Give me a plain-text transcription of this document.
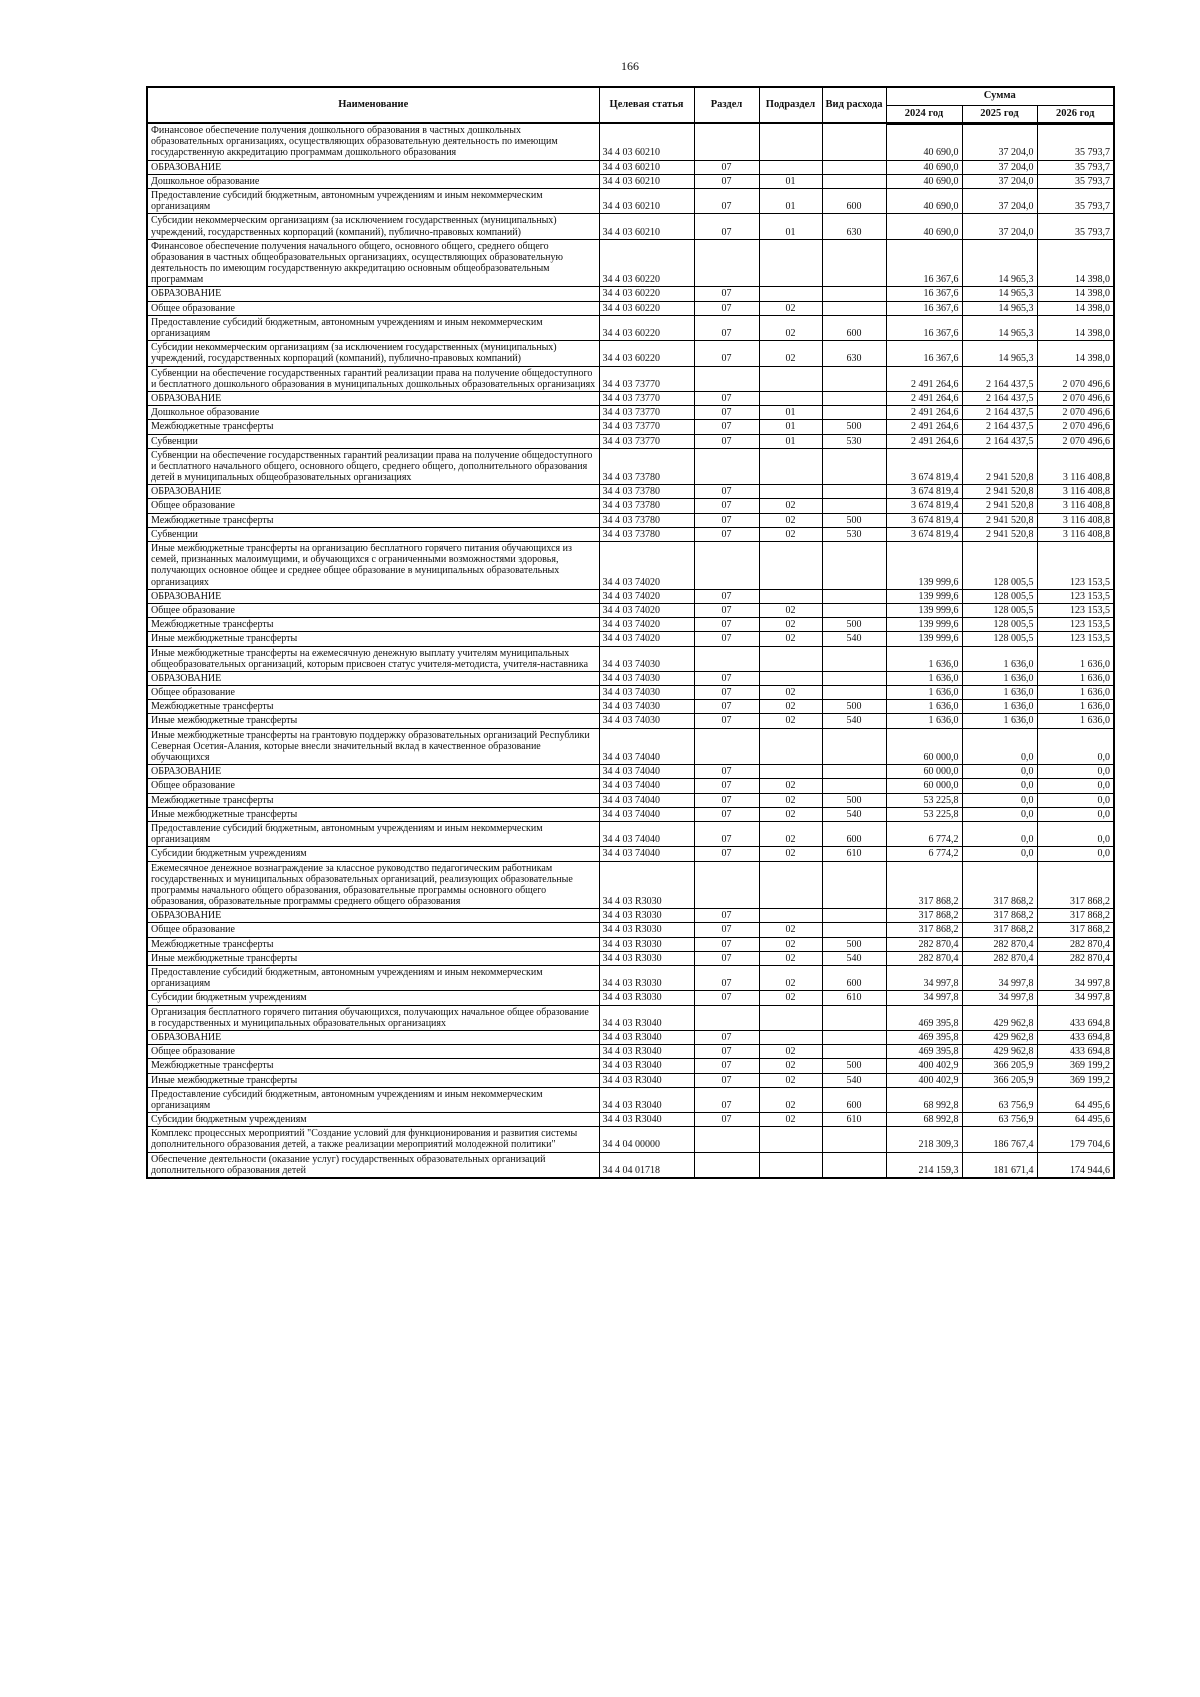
166
Наименование	Целевая статья	Раздел	Подраздел	Вид расхода	Сумма		
					2024 год	2025 год	2026 год
Финансовое обеспечение получения дошкольного образования в частных дошкольных образовательных организациях, осуществляющих образовательную деятельность по имеющим государственную аккредитацию программам дошкольного образования	34 4 03 60210				40 690,0	37 204,0	35 793,7
ОБРАЗОВАНИЕ	34 4 03 60210	07			40 690,0	37 204,0	35 793,7
Дошкольное образование	34 4 03 60210	07	01		40 690,0	37 204,0	35 793,7
Предоставление субсидий бюджетным, автономным учреждениям и иным некоммерческим организациям	34 4 03 60210	07	01	600	40 690,0	37 204,0	35 793,7
Субсидии некоммерческим организациям (за исключением государственных (муниципальных) учреждений, государственных корпораций (компаний), публично-правовых компаний)	34 4 03 60210	07	01	630	40 690,0	37 204,0	35 793,7
Финансовое обеспечение получения начального общего, основного общего, среднего общего образования в частных общеобразовательных организациях, осуществляющих образовательную деятельность по имеющим государственную аккредитацию основным общеобразовательным программам	34 4 03 60220				16 367,6	14 965,3	14 398,0
ОБРАЗОВАНИЕ	34 4 03 60220	07			16 367,6	14 965,3	14 398,0
Общее образование	34 4 03 60220	07	02		16 367,6	14 965,3	14 398,0
Предоставление субсидий бюджетным, автономным учреждениям и иным некоммерческим организациям	34 4 03 60220	07	02	600	16 367,6	14 965,3	14 398,0
Субсидии некоммерческим организациям (за исключением государственных (муниципальных) учреждений, государственных корпораций (компаний), публично-правовых компаний)	34 4 03 60220	07	02	630	16 367,6	14 965,3	14 398,0
Субвенции на обеспечение государственных гарантий реализации права на получение общедоступного и бесплатного дошкольного образования в муниципальных дошкольных образовательных организациях	34 4 03 73770				2 491 264,6	2 164 437,5	2 070 496,6
ОБРАЗОВАНИЕ	34 4 03 73770	07			2 491 264,6	2 164 437,5	2 070 496,6
Дошкольное образование	34 4 03 73770	07	01		2 491 264,6	2 164 437,5	2 070 496,6
Межбюджетные трансферты	34 4 03 73770	07	01	500	2 491 264,6	2 164 437,5	2 070 496,6
Субвенции	34 4 03 73770	07	01	530	2 491 264,6	2 164 437,5	2 070 496,6
Субвенции на обеспечение государственных гарантий реализации права на получение общедоступного и бесплатного начального общего, основного общего, среднего общего, дополнительного образования детей в муниципальных общеобразовательных организациях	34 4 03 73780				3 674 819,4	2 941 520,8	3 116 408,8
ОБРАЗОВАНИЕ	34 4 03 73780	07			3 674 819,4	2 941 520,8	3 116 408,8
Общее образование	34 4 03 73780	07	02		3 674 819,4	2 941 520,8	3 116 408,8
Межбюджетные трансферты	34 4 03 73780	07	02	500	3 674 819,4	2 941 520,8	3 116 408,8
Субвенции	34 4 03 73780	07	02	530	3 674 819,4	2 941 520,8	3 116 408,8
Иные межбюджетные трансферты на организацию бесплатного горячего питания обучающихся из семей, признанных малоимущими, и обучающихся с ограниченными возможностями здоровья, получающих основное общее и среднее общее образование в муниципальных образовательных организациях	34 4 03 74020				139 999,6	128 005,5	123 153,5
ОБРАЗОВАНИЕ	34 4 03 74020	07			139 999,6	128 005,5	123 153,5
Общее образование	34 4 03 74020	07	02		139 999,6	128 005,5	123 153,5
Межбюджетные трансферты	34 4 03 74020	07	02	500	139 999,6	128 005,5	123 153,5
Иные межбюджетные трансферты	34 4 03 74020	07	02	540	139 999,6	128 005,5	123 153,5
Иные межбюджетные трансферты на ежемесячную денежную выплату учителям муниципальных общеобразовательных организаций, которым присвоен статус учителя-методиста, учителя-наставника	34 4 03 74030				1 636,0	1 636,0	1 636,0
ОБРАЗОВАНИЕ	34 4 03 74030	07			1 636,0	1 636,0	1 636,0
Общее образование	34 4 03 74030	07	02		1 636,0	1 636,0	1 636,0
Межбюджетные трансферты	34 4 03 74030	07	02	500	1 636,0	1 636,0	1 636,0
Иные межбюджетные трансферты	34 4 03 74030	07	02	540	1 636,0	1 636,0	1 636,0
Иные межбюджетные трансферты на грантовую поддержку образовательных организаций Республики Северная Осетия-Алания, которые внесли значительный вклад в качественное образование обучающихся	34 4 03 74040				60 000,0	0,0	0,0
ОБРАЗОВАНИЕ	34 4 03 74040	07			60 000,0	0,0	0,0
Общее образование	34 4 03 74040	07	02		60 000,0	0,0	0,0
Межбюджетные трансферты	34 4 03 74040	07	02	500	53 225,8	0,0	0,0
Иные межбюджетные трансферты	34 4 03 74040	07	02	540	53 225,8	0,0	0,0
Предоставление субсидий бюджетным, автономным учреждениям и иным некоммерческим организациям	34 4 03 74040	07	02	600	6 774,2	0,0	0,0
Субсидии бюджетным учреждениям	34 4 03 74040	07	02	610	6 774,2	0,0	0,0
Ежемесячное денежное вознаграждение за классное руководство педагогическим работникам государственных и муниципальных образовательных организаций, реализующих образовательные программы начального общего образования, образовательные программы основного общего образования, образовательные программы среднего общего образования	34 4 03 R3030				317 868,2	317 868,2	317 868,2
ОБРАЗОВАНИЕ	34 4 03 R3030	07			317 868,2	317 868,2	317 868,2
Общее образование	34 4 03 R3030	07	02		317 868,2	317 868,2	317 868,2
Межбюджетные трансферты	34 4 03 R3030	07	02	500	282 870,4	282 870,4	282 870,4
Иные межбюджетные трансферты	34 4 03 R3030	07	02	540	282 870,4	282 870,4	282 870,4
Предоставление субсидий бюджетным, автономным учреждениям и иным некоммерческим организациям	34 4 03 R3030	07	02	600	34 997,8	34 997,8	34 997,8
Субсидии бюджетным учреждениям	34 4 03 R3030	07	02	610	34 997,8	34 997,8	34 997,8
Организация бесплатного горячего питания обучающихся, получающих начальное общее образование в государственных и муниципальных образовательных организациях	34 4 03 R3040				469 395,8	429 962,8	433 694,8
ОБРАЗОВАНИЕ	34 4 03 R3040	07			469 395,8	429 962,8	433 694,8
Общее образование	34 4 03 R3040	07	02		469 395,8	429 962,8	433 694,8
Межбюджетные трансферты	34 4 03 R3040	07	02	500	400 402,9	366 205,9	369 199,2
Иные межбюджетные трансферты	34 4 03 R3040	07	02	540	400 402,9	366 205,9	369 199,2
Предоставление субсидий бюджетным, автономным учреждениям и иным некоммерческим организациям	34 4 03 R3040	07	02	600	68 992,8	63 756,9	64 495,6
Субсидии бюджетным учреждениям	34 4 03 R3040	07	02	610	68 992,8	63 756,9	64 495,6
Комплекс процессных мероприятий "Создание условий для функционирования и развития системы дополнительного образования детей, а также реализации мероприятий молодежной политики"	34 4 04 00000				218 309,3	186 767,4	179 704,6
Обеспечение деятельности (оказание услуг) государственных образовательных организаций дополнительного образования детей	34 4 04 01718				214 159,3	181 671,4	174 944,6
